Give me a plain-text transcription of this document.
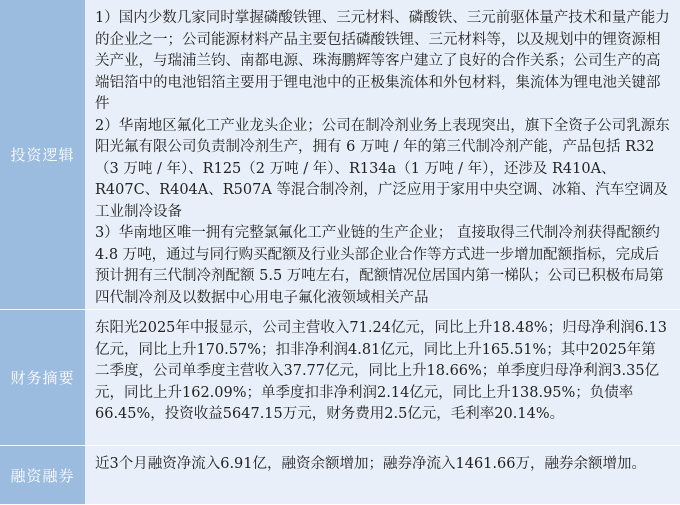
投资逻辑

1）国内少数几家同时掌握磷酸铁锂、三元材料、磷酸铁、三元前驱体量产技术和量产能力的企业之一；公司能源材料产品主要包括磷酸铁锂、三元材料等，以及规划中的锂资源相关产业，与瑞浦兰钧、南都电源、珠海鹏辉等客户建立了良好的合作关系；公司生产的高端铝箔中的电池铝箔主要用于锂电池中的正极集流体和外包材料，集流体为锂电池关键部件

2）华南地区氟化工产业龙头企业；公司在制冷剂业务上表现突出，旗下全资子公司乳源东阳光氟有限公司负责制冷剂生产，拥有 6 万吨 / 年的第三代制冷剂产能，产品包括 R32（3 万吨 / 年）、R125（2 万吨 / 年）、R134a（1 万吨 / 年），还涉及 R410A、R407C、R404A、R507A 等混合制冷剂，广泛应用于家用中央空调、冰箱、汽车空调及工业制冷设备

3）华南地区唯一拥有完整氯氟化工产业链的生产企业； 直接取得三代制冷剂获得配额约 4.8 万吨，通过与同行购买配额及行业头部企业合作等方式进一步增加配额指标，完成后预计拥有三代制冷剂配额 5.5 万吨左右，配额情况位居国内第一梯队；公司已积极布局第四代制冷剂及以数据中心用电子氟化液领域相关产品

财务摘要

东阳光2025年中报显示，公司主营收入71.24亿元，同比上升18.48%；归母净利润6.13亿元，同比上升170.57%；扣非净利润4.81亿元，同比上升165.51%；其中2025年第二季度，公司单季度主营收入37.77亿元，同比上升18.66%；单季度归母净利润3.35亿元，同比上升162.09%；单季度扣非净利润2.14亿元，同比上升138.95%；负债率66.45%，投资收益5647.15万元，财务费用2.5亿元，毛利率20.14%。

融资融券

近3个月融资净流入6.91亿，融资余额增加；融券净流入1461.66万，融券余额增加。
